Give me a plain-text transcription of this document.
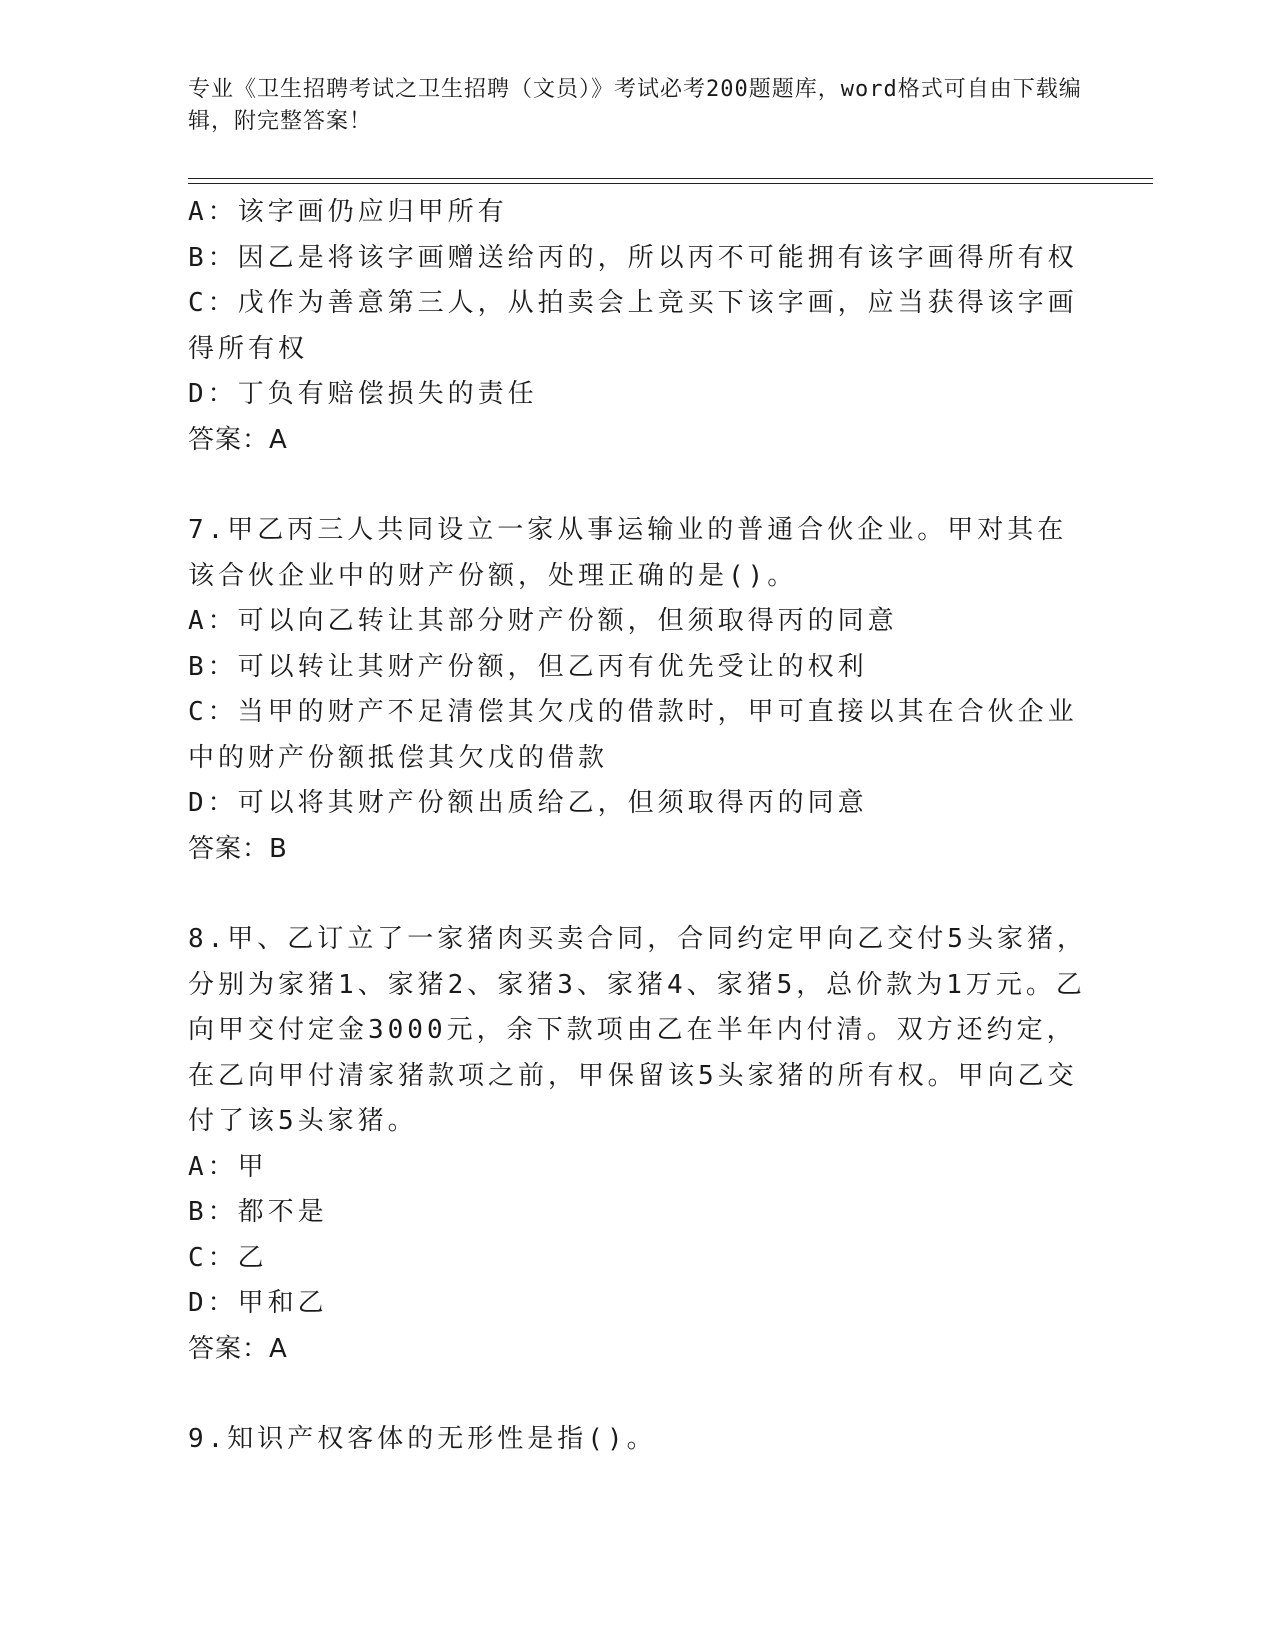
专业《卫生招聘考试之卫生招聘（文员）》考试必考200题题库，word格式可自由下载编辑，附完整答案！

A：该字画仍应归甲所有

B：因乙是将该字画赠送给丙的，所以丙不可能拥有该字画得所有权

C：戊作为善意第三人，从拍卖会上竞买下该字画，应当获得该字画得所有权

D：丁负有赔偿损失的责任

答案：A

7.甲乙丙三人共同设立一家从事运输业的普通合伙企业。甲对其在该合伙企业中的财产份额，处理正确的是()。

A：可以向乙转让其部分财产份额，但须取得丙的同意

B：可以转让其财产份额，但乙丙有优先受让的权利

C：当甲的财产不足清偿其欠戊的借款时，甲可直接以其在合伙企业中的财产份额抵偿其欠戊的借款

D：可以将其财产份额出质给乙，但须取得丙的同意

答案：B

8.甲、乙订立了一家猪肉买卖合同，合同约定甲向乙交付5头家猪，分别为家猪1、家猪2、家猪3、家猪4、家猪5，总价款为1万元。乙向甲交付定金3000元，余下款项由乙在半年内付清。双方还约定，在乙向甲付清家猪款项之前，甲保留该5头家猪的所有权。甲向乙交付了该5头家猪。

A：甲

B：都不是

C：乙

D：甲和乙

答案：A

9.知识产权客体的无形性是指()。
